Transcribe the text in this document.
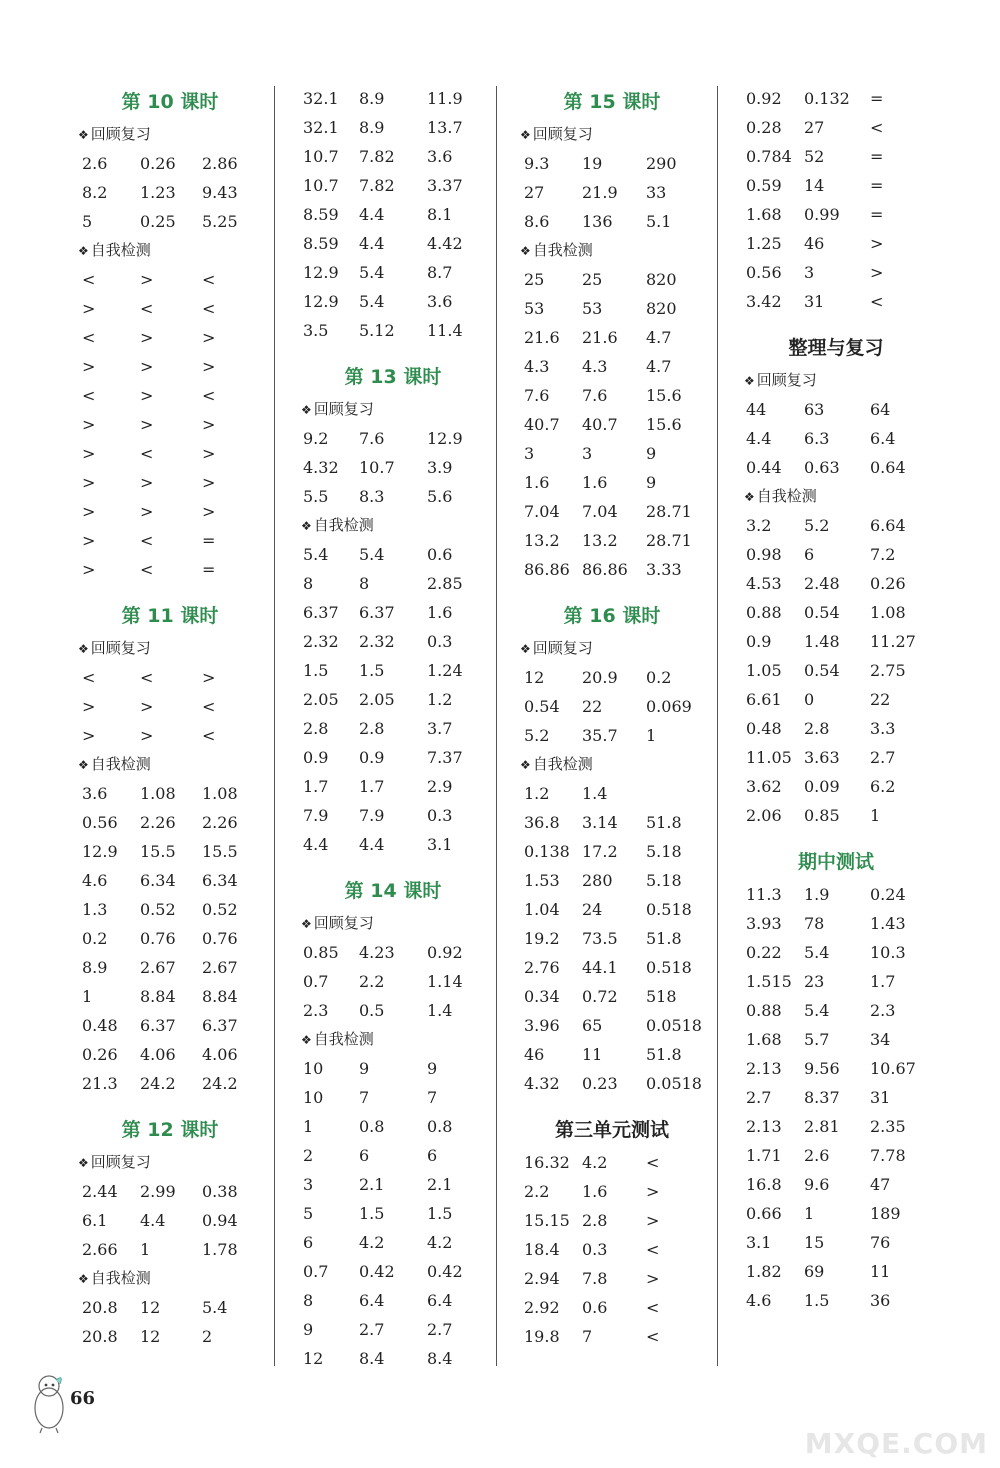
第 10 课时
❖ 回顾复习
2.6 0.26 2.86
8.2 1.23 9.43
5	0.25 5.25
❖ 自我检测
<	>	<
>	<	<
<	>	>
>	>	>
<	>	<
>	>	>
>	<	>
>	>	>
>	>	>
>	<	=
>	<	=
第 11 课时
❖ 回顾复习
<	<	>
>	>	<
>	>	<
❖ 自我检测
3.6 1.08 1.08
0.56 2.26 2.26
12.9 15.5 15.5
4.6 6.34 6.34
1.3 0.52 0.52
0.2 0.76 0.76
8.9 2.67 2.67
1	8.84 8.84
0.48 6.37 6.37
0.26 4.06 4.06
21.3 24.2 24.2
第 12 课时
❖ 回顾复习
2.44 2.99 0.38
6.1 4.4 0.94
2.66 1	1.78
❖ 自我检测
20.8 12	5.4
20.8 12	2
32.1 8.9	11.9
32.1 8.9	13.7
10.7 7.82 3.6
10.7 7.82 3.37
8.59 4.4	8.1
8.59 4.4	4.42
12.9 5.4	8.7
12.9 5.4	3.6
3.5 5.12 11.4
第 13 课时
❖ 回顾复习
9.2 7.6	12.9
4.32 10.7 3.9
5.5 8.3	5.6
❖ 自我检测
5.4 5.4	0.6
8	8	2.85
6.37 6.37 1.6
2.32 2.32 0.3
1.5 1.5	1.24
2.05 2.05 1.2
2.8 2.8	3.7
0.9 0.9	7.37
1.7 1.7	2.9
7.9 7.9	0.3
4.4 4.4	3.1
第 14 课时
❖ 回顾复习
0.85 4.23 0.92
0.7 2.2	1.14
2.3 0.5	1.4
❖ 自我检测
10 9	9
10 7	7
1	0.8	0.8
2	6	6
3	2.1	2.1
5	1.5	1.5
6	4.2	4.2
0.7 0.42 0.42
8	6.4	6.4
9	2.7	2.7
12 8.4	8.4
第 15 课时
❖ 回顾复习
9.3 19	290
27 21.9 33
8.6 136 5.1
❖ 自我检测
25 25	820
53 53	820
21.6 21.6 4.7
4.3 4.3 4.7
7.6 7.6 15.6
40.7 40.7 15.6
3	3	9
1.6 1.6 9
7.04 7.04 28.71
13.2 13.2 28.71
86.86 86.86 3.33
第 16 课时
❖ 回顾复习
12 20.9 0.2
0.54 22	0.069
5.2 35.7 1
❖ 自我检测
1.2 1.4
36.8 3.14 51.8
0.138 17.2 5.18
1.53 280 5.18
1.04 24	0.518
19.2 73.5 51.8
2.76 44.1 0.518
0.34 0.72 518
3.96 65	0.0518
46 11	51.8
4.32 0.23 0.0518
第三单元测试
16.32 4.2 <
2.2 1.6 >
15.15 2.8 >
18.4 0.3 <
2.94 7.8 >
2.92 0.6 <
19.8 7	<
0.92 0.132 =
0.28 27	<
0.784 52	=
0.59 14	=
1.68 0.99 =
1.25 46	>
0.56 3	>
3.42 31	<
整理与复习
❖ 回顾复习
44 63	64
4.4 6.3	6.4
0.44 0.63 0.64
❖ 自我检测
3.2 5.2	6.64
0.98 6	7.2
4.53 2.48 0.26
0.88 0.54 1.08
0.9 1.48 11.27
1.05 0.54 2.75
6.61 0	22
0.48 2.8	3.3
11.05 3.63 2.7
3.62 0.09 6.2
2.06 0.85 1
期中测试
11.3 1.9	0.24
3.93 78	1.43
0.22 5.4	10.3
1.515 23	1.7
0.88 5.4	2.3
1.68 5.7	34
2.13 9.56 10.67
2.7 8.37 31
2.13 2.81 2.35
1.71 2.6	7.78
16.8 9.6	47
0.66 1	189
3.1 15	76
1.82 69	11
4.6 1.5	36
66
MXQE.COM
